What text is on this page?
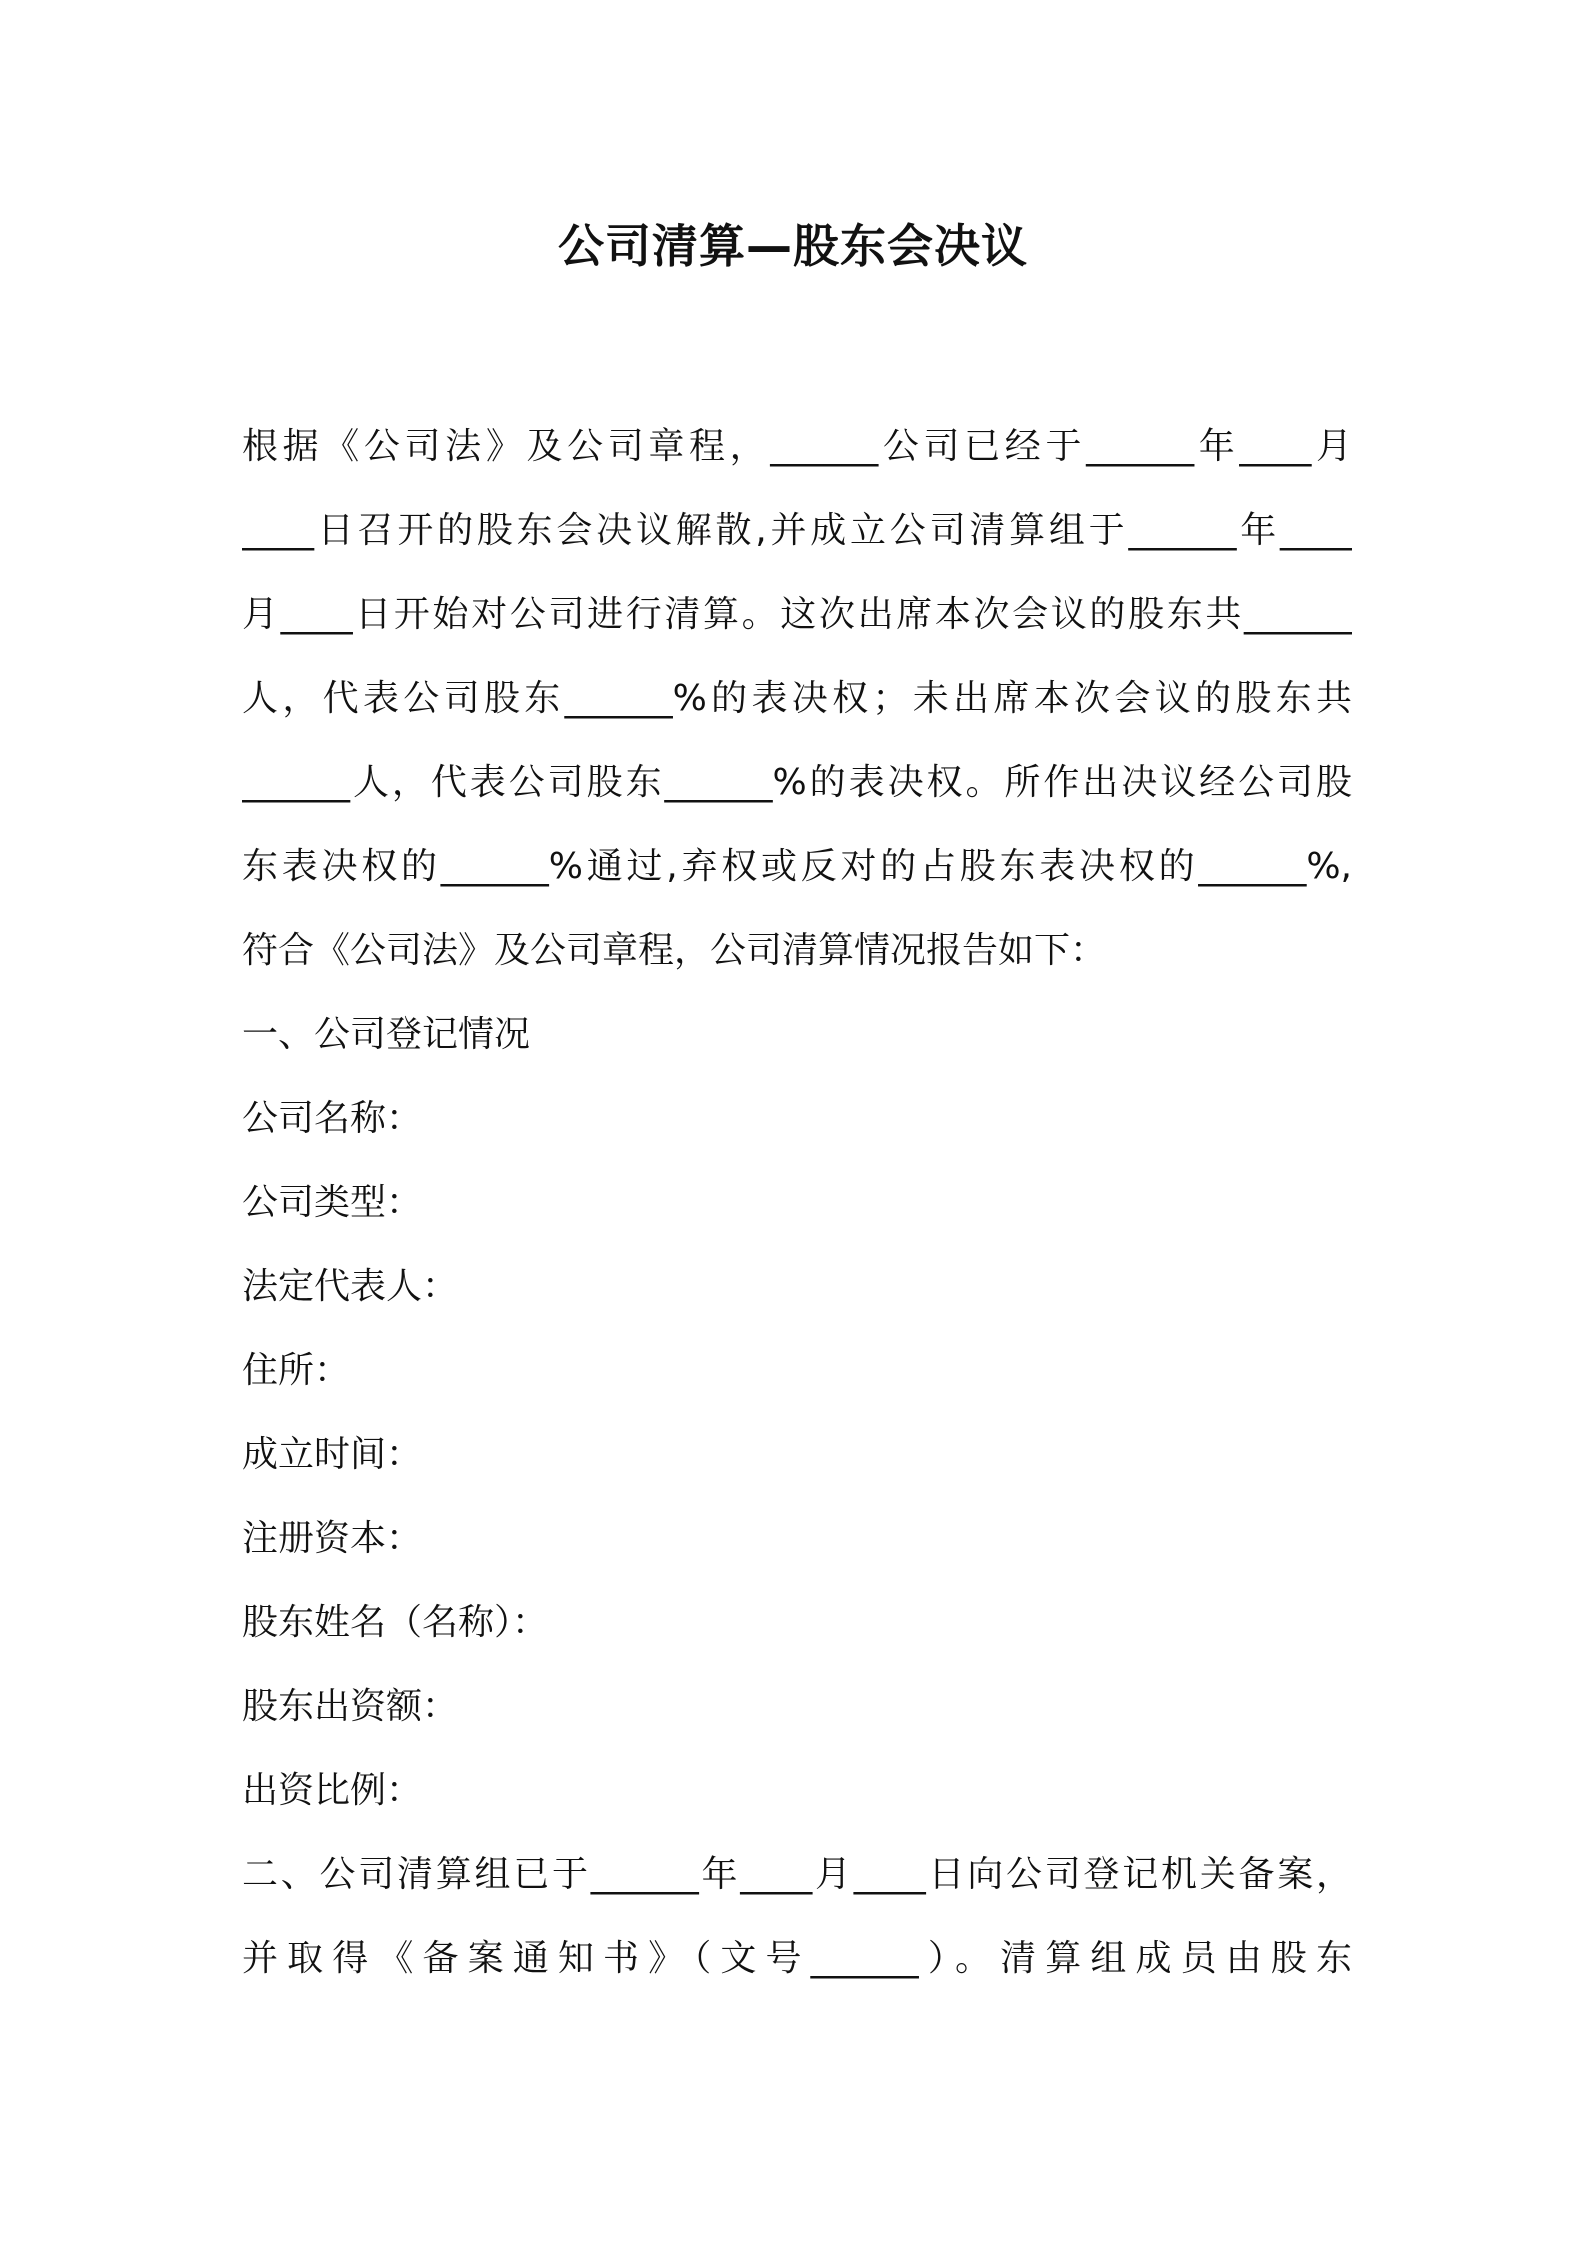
公司清算—股东会决议
根据《公司法》及公司章程，______公司已经于______年____月
____日召开的股东会决议解散,并成立公司清算组于______年____
月____日开始对公司进行清算。这次出席本次会议的股东共______
人，代表公司股东______%的表决权；未出席本次会议的股东共
______人，代表公司股东______%的表决权。所作出决议经公司股
东表决权的______%通过,弃权或反对的占股东表决权的______%,
符合《公司法》及公司章程，公司清算情况报告如下：
一、公司登记情况
公司名称：
公司类型：
法定代表人：
住所：
成立时间：
注册资本：
股东姓名（名称）：
股东出资额：
出资比例：
二、公司清算组已于______年____月____日向公司登记机关备案，
并取得《备案通知书》（文号______）。清算组成员由股东
